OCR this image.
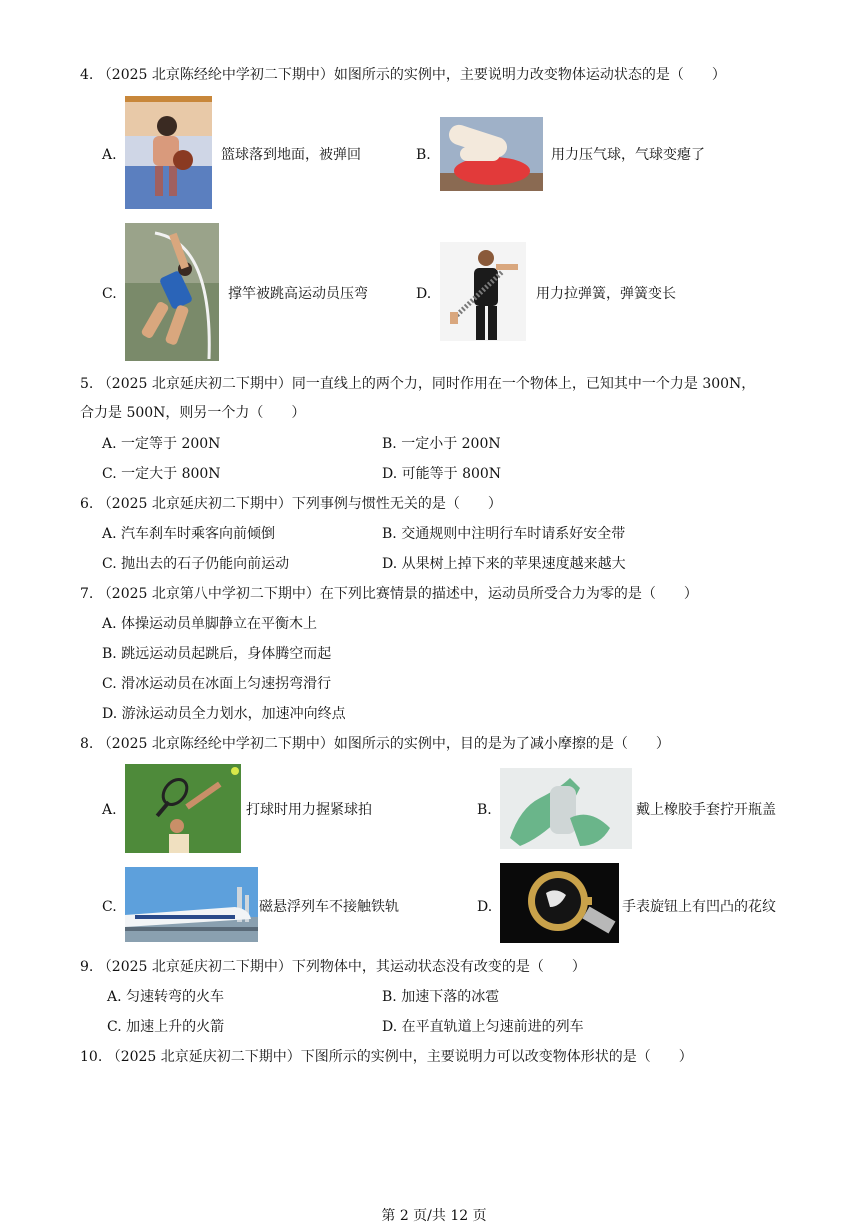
4. （2025 北京陈经纶中学初二下期中）如图所示的实例中，主要说明力改变物体运动状态的是（　　）
A.	篮球落到地面，被弹回	B.	用力压气球，气球变瘪了
C.	撑竿被跳高运动员压弯	D.	用力拉弹簧，弹簧变长
5. （2025 北京延庆初二下期中）同一直线上的两个力，同时作用在一个物体上，已知其中一个力是 300N，
合力是 500N，则另一个力（　　）
A. 一定等于 200N	B. 一定小于 200N
C. 一定大于 800N	D. 可能等于 800N
6. （2025 北京延庆初二下期中）下列事例与惯性无关的是（　　）
A. 汽车刹车时乘客向前倾倒	B. 交通规则中注明行车时请系好安全带
C. 抛出去的石子仍能向前运动	D. 从果树上掉下来的苹果速度越来越大
7. （2025 北京第八中学初二下期中）在下列比赛情景的描述中，运动员所受合力为零的是（　　）
A. 体操运动员单脚静立在平衡木上
B. 跳远运动员起跳后，身体腾空而起
C. 滑冰运动员在冰面上匀速拐弯滑行
D. 游泳运动员全力划水，加速冲向终点
8. （2025 北京陈经纶中学初二下期中）如图所示的实例中，目的是为了减小摩擦的是（　　）
A.	打球时用力握紧球拍	B.	戴上橡胶手套拧开瓶盖
C.	磁悬浮列车不接触铁轨	D.	手表旋钮上有凹凸的花纹
9. （2025 北京延庆初二下期中）下列物体中，其运动状态没有改变的是（　　）
A. 匀速转弯的火车	B. 加速下落的冰雹
C. 加速上升的火箭	D. 在平直轨道上匀速前进的列车
10. （2025 北京延庆初二下期中）下图所示的实例中，主要说明力可以改变物体形状的是（　　）
第 2 页/共 12 页
